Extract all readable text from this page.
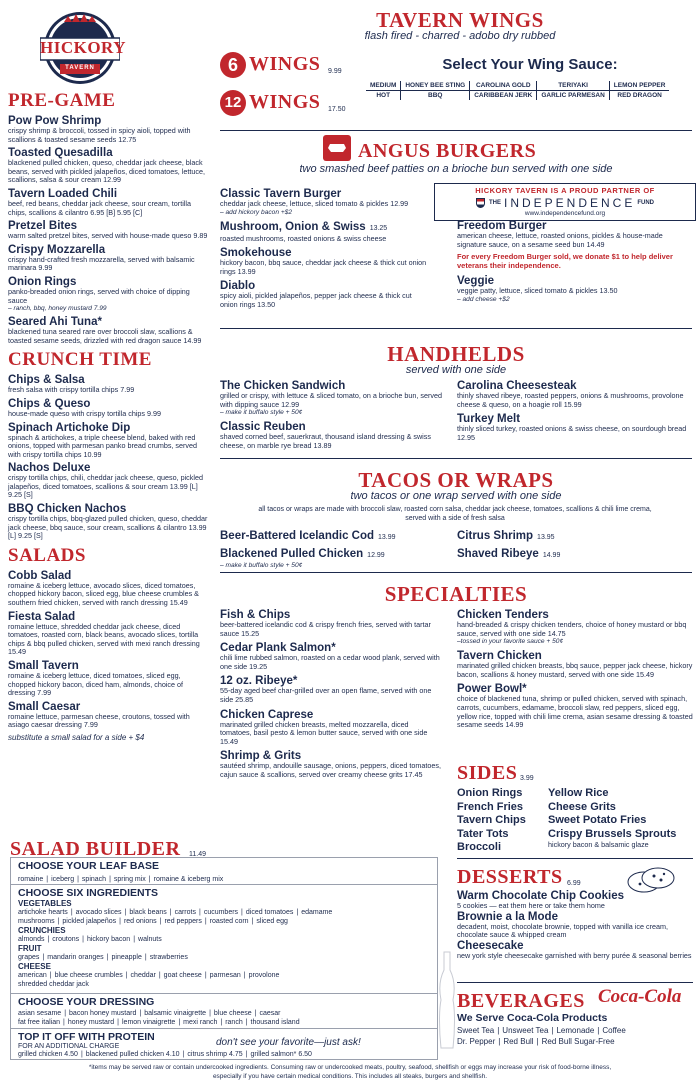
HICKORY
TAVERN
PRE-GAME
Pow Pow Shrimp
crispy shrimp & broccoli, tossed in spicy aioli, topped with scallions & toasted sesame seeds 12.75
Toasted Quesadilla
blackened pulled chicken, queso, cheddar jack cheese, black beans, served with pickled jalapeños, diced tomatoes, lettuce, scallions, salsa & sour cream 12.99
Tavern Loaded Chili
beef, red beans, cheddar jack cheese, sour cream, tortilla chips, scallions & cilantro 6.95 [B] 5.95 [C]
Pretzel Bites
warm salted pretzel bites, served with house-made queso 9.89
Crispy Mozzarella
crispy hand-crafted fresh mozzarella, served with balsamic marinara 9.99
Onion Rings
panko-breaded onion rings, served with choice of dipping sauce
– ranch, bbq, honey mustard 7.99
Seared Ahi Tuna*
blackened tuna seared rare over broccoli slaw, scallions & toasted sesame seeds, drizzled with red dragon sauce 14.99
CRUNCH TIME
Chips & Salsa
fresh salsa with crispy tortilla chips 7.99
Chips & Queso
house-made queso with crispy tortilla chips 9.99
Spinach Artichoke Dip
spinach & artichokes, a triple cheese blend, baked with red onions, topped with parmesan panko bread crumbs, served with crispy tortilla chips 10.99
Nachos Deluxe
crispy tortilla chips, chili, cheddar jack cheese, queso, pickled jalapeños, diced tomatoes, scallions & sour cream 13.99 [L] 9.25 [S]
BBQ Chicken Nachos
crispy tortilla chips, bbq-glazed pulled chicken, queso, cheddar jack cheese, bbq sauce, sour cream, scallions & cilantro 13.99 [L] 9.25 [S]
SALADS
Cobb Salad
romaine & iceberg lettuce, avocado slices, diced tomatoes, chopped hickory bacon, sliced egg, blue cheese crumbles & southern fried chicken, served with ranch dressing 15.49
Fiesta Salad
romaine lettuce, shredded cheddar jack cheese, diced tomatoes, roasted corn, black beans, avocado slices, tortilla chips & bbq pulled chicken, served with mexi ranch dressing 15.49
Small Tavern
romaine & iceberg lettuce, diced tomatoes, sliced egg, chopped hickory bacon, diced ham, almonds, choice of dressing 7.99
Small Caesar
romaine lettuce, parmesan cheese, croutons, tossed with asiago caesar dressing 7.99
substitute a small salad for a side + $4
TAVERN WINGS
flash fired - charred - adobo dry rubbed
6 WINGS 9.99
12 WINGS 17.50
Select Your Wing Sauce:
MEDIUM	HONEY BEE STING	CAROLINA GOLD	TERIYAKI	LEMON PEPPER
HOT	BBQ	CARIBBEAN JERK	GARLIC PARMESAN	RED DRAGON
ANGUS BURGERS
two smashed beef patties on a brioche bun served with one side
Classic Tavern Burger
cheddar jack cheese, lettuce, sliced tomato & pickles 12.99
– add hickory bacon +$2
Mushroom, Onion & Swiss 13.25
roasted mushrooms, roasted onions & swiss cheese
Smokehouse
hickory bacon, bbq sauce, cheddar jack cheese & thick cut onion rings 13.99
Diablo
spicy aioli, pickled jalapeños, pepper jack cheese & thick cut onion rings 13.50
HICKORY TAVERN IS A PROUD PARTNER OF
THE INDEPENDENCE FUND
www.independencefund.org
Freedom Burger
american cheese, lettuce, roasted onions, pickles & house-made signature sauce, on a sesame seed bun 14.49
For every Freedom Burger sold, we donate $1 to help deliver veterans their independence.
Veggie
veggie patty, lettuce, sliced tomato & pickles 13.50
– add cheese +$2
HANDHELDS
served with one side
The Chicken Sandwich
grilled or crispy, with lettuce & sliced tomato, on a brioche bun, served with dipping sauce 12.99
– make it buffalo style + 50¢
Classic Reuben
shaved corned beef, sauerkraut, thousand island dressing & swiss cheese, on marble rye bread 13.89
Carolina Cheesesteak
thinly shaved ribeye, roasted peppers, onions & mushrooms, provolone cheese & queso, on a hoagie roll 15.99
Turkey Melt
thinly sliced turkey, roasted onions & swiss cheese, on sourdough bread 12.95
TACOS OR WRAPS
two tacos or one wrap served with one side
all tacos or wraps are made with broccoli slaw, roasted corn salsa, cheddar jack cheese, tomatoes, scallions & chili lime crema, served with a side of fresh salsa
Beer-Battered Icelandic Cod 13.99
Blackened Pulled Chicken 12.99
– make it buffalo style + 50¢
Citrus Shrimp 13.95
Shaved Ribeye 14.99
SPECIALTIES
Fish & Chips
beer-battered icelandic cod & crispy french fries, served with tartar sauce 15.25
Cedar Plank Salmon*
chili lime rubbed salmon, roasted on a cedar wood plank, served with one side 19.25
12 oz. Ribeye*
55-day aged beef char-grilled over an open flame, served with one side 25.85
Chicken Caprese
marinated grilled chicken breasts, melted mozzarella, diced tomatoes, basil pesto & lemon butter sauce, served with one side 15.49
Shrimp & Grits
sautéed shrimp, andouille sausage, onions, peppers, diced tomatoes, cajun sauce & scallions, served over creamy cheese grits 17.45
Chicken Tenders
hand-breaded & crispy chicken tenders, choice of honey mustard or bbq sauce, served with one side 14.75
–tossed in your favorite sauce + 50¢
Tavern Chicken
marinated grilled chicken breasts, bbq sauce, pepper jack cheese, hickory bacon, scallions & honey mustard, served with one side 15.49
Power Bowl*
choice of blackened tuna, shrimp or pulled chicken, served with spinach, carrots, cucumbers, edamame, broccoli slaw, red peppers, sliced egg, yellow rice, topped with chili lime crema, asian sesame dressing & toasted sesame seeds 14.99
SIDES 3.99
Onion Rings
French Fries
Tavern Chips
Tater Tots
Broccoli
Yellow Rice
Cheese Grits
Sweet Potato Fries
Crispy Brussels Sprouts
hickory bacon & balsamic glaze
DESSERTS 6.99
Warm Chocolate Chip Cookies
5 cookies — eat them here or take them home
Brownie a la Mode
decadent, moist, chocolate brownie, topped with vanilla ice cream, chocolate sauce & whipped cream
Cheesecake
new york style cheesecake garnished with berry purée & seasonal berries
BEVERAGES Coca-Cola
We Serve Coca-Cola Products
Sweet Tea | Unsweet Tea | Lemonade | Coffee
Dr. Pepper | Red Bull | Red Bull Sugar-Free
SALAD BUILDER 11.49
CHOOSE YOUR LEAF BASE
romaine | iceberg | spinach | spring mix | romaine & iceberg mix
CHOOSE SIX INGREDIENTS
VEGETABLES
artichoke hearts | avocado slices | black beans | carrots | cucumbers | diced tomatoes | edamame
mushrooms | pickled jalapeños | red onions | red peppers | roasted corn | sliced egg
CRUNCHIES
almonds | croutons | hickory bacon | walnuts
FRUIT
grapes | mandarin oranges | pineapple | strawberries
CHEESE
american | blue cheese crumbles | cheddar | goat cheese | parmesan | provolone
shredded cheddar jack
CHOOSE YOUR DRESSING
asian sesame | bacon honey mustard | balsamic vinaigrette | blue cheese | caesar
fat free italian | honey mustard | lemon vinaigrette | mexi ranch | ranch | thousand island
TOP IT OFF WITH PROTEIN
FOR AN ADDITIONAL CHARGE
grilled chicken 4.50 | blackened pulled chicken 4.10 | citrus shrimp 4.75 | grilled salmon* 6.50
don't see your favorite—just ask!
*items may be served raw or contain undercooked ingredients. Consuming raw or undercooked meats, poultry, seafood, shellfish or eggs may increase your risk of food-borne illness,
especially if you have certain medical conditions. This includes all steaks, burgers and shellfish.
